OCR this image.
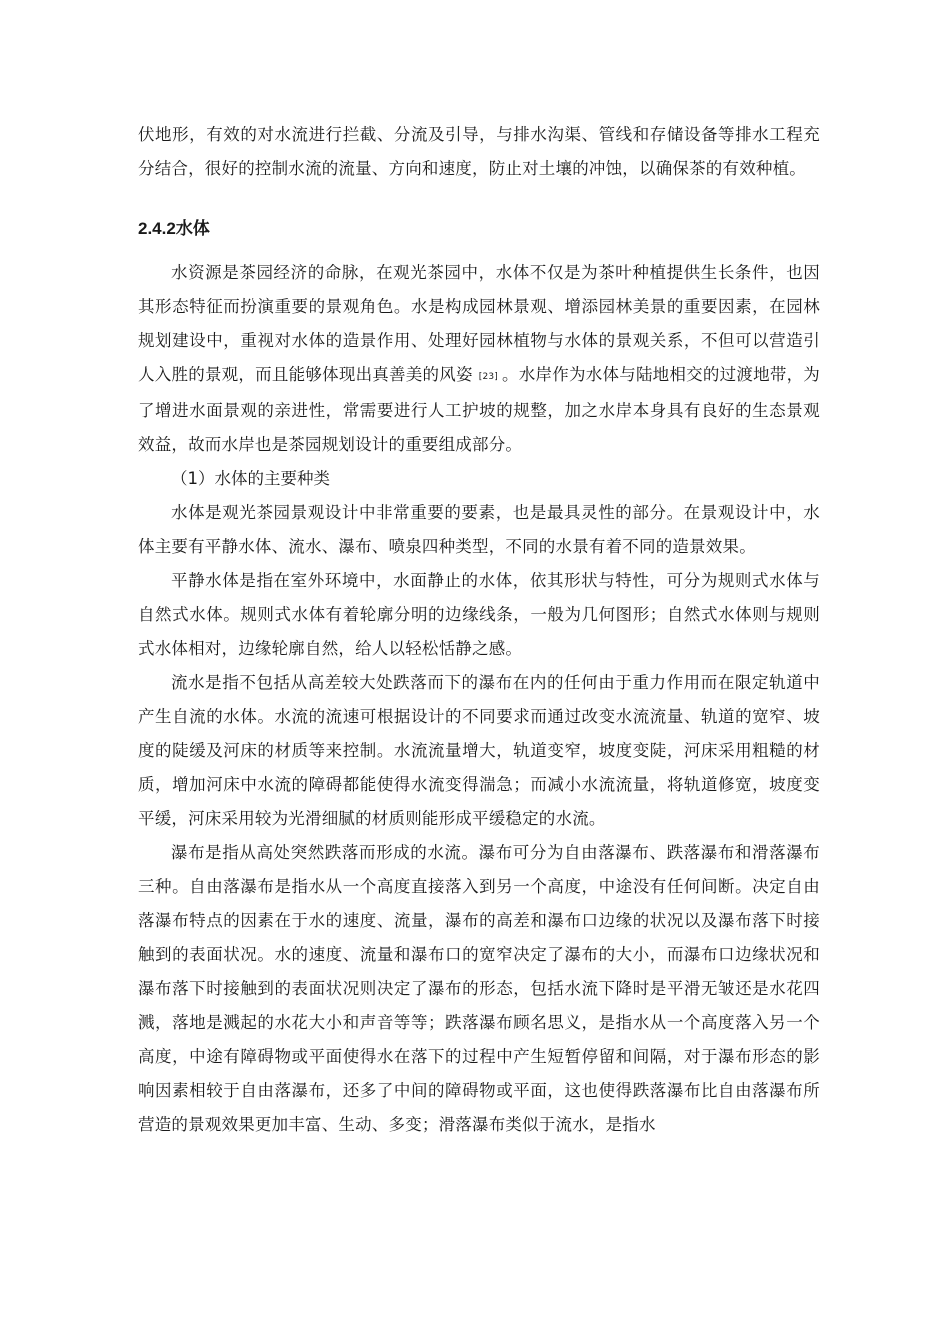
伏地形，有效的对水流进行拦截、分流及引导，与排水沟渠、管线和存储设备等排水工程充分结合，很好的控制水流的流量、方向和速度，防止对土壤的冲蚀，以确保茶的有效种植。

2.4.2水体

水资源是茶园经济的命脉，在观光茶园中，水体不仅是为茶叶种植提供生长条件，也因其形态特征而扮演重要的景观角色。水是构成园林景观、增添园林美景的重要因素，在园林规划建设中，重视对水体的造景作用、处理好园林植物与水体的景观关系，不但可以营造引人入胜的景观，而且能够体现出真善美的风姿 [23] 。水岸作为水体与陆地相交的过渡地带，为了增进水面景观的亲进性，常需要进行人工护坡的规整，加之水岸本身具有良好的生态景观效益，故而水岸也是茶园规划设计的重要组成部分。

（1）水体的主要种类

水体是观光茶园景观设计中非常重要的要素，也是最具灵性的部分。在景观设计中，水体主要有平静水体、流水、瀑布、喷泉四种类型，不同的水景有着不同的造景效果。

平静水体是指在室外环境中，水面静止的水体，依其形状与特性，可分为规则式水体与自然式水体。规则式水体有着轮廓分明的边缘线条，一般为几何图形；自然式水体则与规则式水体相对，边缘轮廓自然，给人以轻松恬静之感。

流水是指不包括从高差较大处跌落而下的瀑布在内的任何由于重力作用而在限定轨道中产生自流的水体。水流的流速可根据设计的不同要求而通过改变水流流量、轨道的宽窄、坡度的陡缓及河床的材质等来控制。水流流量增大，轨道变窄，坡度变陡，河床采用粗糙的材质，增加河床中水流的障碍都能使得水流变得湍急；而减小水流流量，将轨道修宽，坡度变平缓，河床采用较为光滑细腻的材质则能形成平缓稳定的水流。

瀑布是指从高处突然跌落而形成的水流。瀑布可分为自由落瀑布、跌落瀑布和滑落瀑布三种。自由落瀑布是指水从一个高度直接落入到另一个高度，中途没有任何间断。决定自由落瀑布特点的因素在于水的速度、流量，瀑布的高差和瀑布口边缘的状况以及瀑布落下时接触到的表面状况。水的速度、流量和瀑布口的宽窄决定了瀑布的大小，而瀑布口边缘状况和瀑布落下时接触到的表面状况则决定了瀑布的形态，包括水流下降时是平滑无皱还是水花四溅，落地是溅起的水花大小和声音等等；跌落瀑布顾名思义，是指水从一个高度落入另一个高度，中途有障碍物或平面使得水在落下的过程中产生短暂停留和间隔，对于瀑布形态的影响因素相较于自由落瀑布，还多了中间的障碍物或平面，这也使得跌落瀑布比自由落瀑布所营造的景观效果更加丰富、生动、多变；滑落瀑布类似于流水，是指水
